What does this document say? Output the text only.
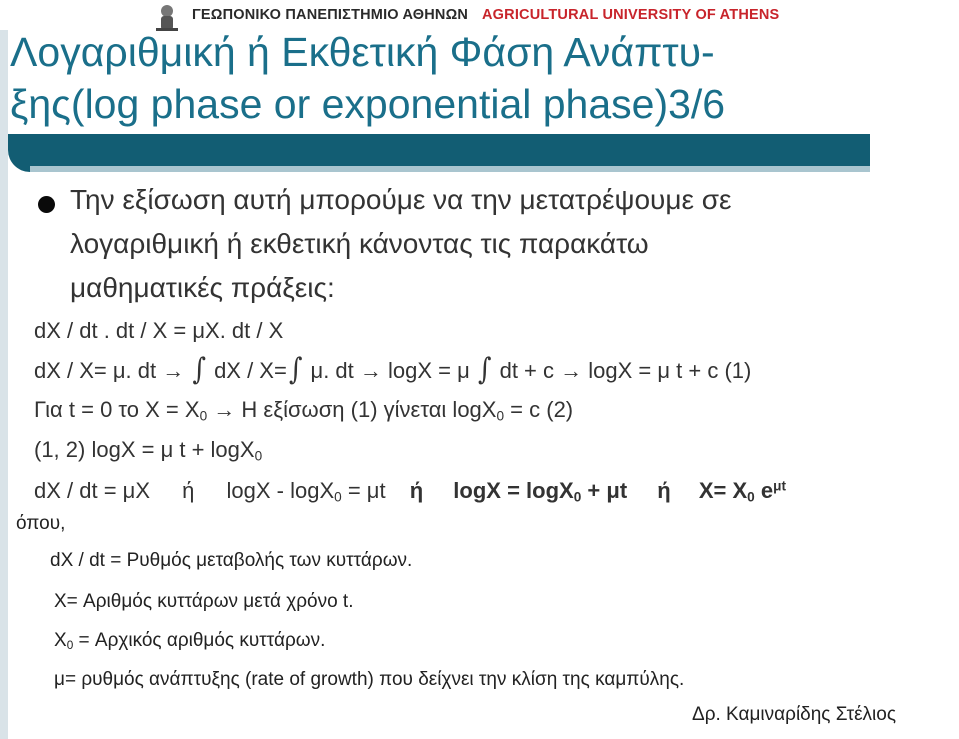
ΓΕΩΠΟΝΙΚΟ ΠΑΝΕΠΙΣΤΗΜΙΟ ΑΘΗΝΩΝ AGRICULTURAL UNIVERSITY OF ATHENS
Λογαριθμική ή Εκθετική Φάση Ανάπτυ-
ξης(log phase or exponential phase)3/6
Την εξίσωση αυτή μπορούμε να την μετατρέψουμε σε
λογαριθμική ή εκθετική κάνοντας τις παρακάτω
μαθηματικές πράξεις:
dX / dt . dt / X = μX. dt / X
dX / X= μ. dt → ∫ dX / X=∫ μ. dt → logX = μ ∫ dt + c → logX = μ t + c (1)
Για t = 0 το $X = X_0 \to H$ εξίσωση (1) γίνεται logX$_0$ = c (2)
(1, 2) logX = μ t + logX$_0$
dX / dt = μX ή logX - logX$_0$ = μt ή logX = logX$_0$ + μt ή $X= X_0$ $e^{\mu t}$
όπου,
dX / dt = Ρυθμός μεταβολής των κυττάρων.
X= Αριθμός κυττάρων μετά χρόνο t.
$X_0 = A\rho\chi\iota\kappa ό\varsigma$ αριθμός κυττάρων.
μ= ρυθμός ανάπτυξης (rate of growth) που δείχνει την κλίση της καμπύλης.
Δρ. Καμιναρίδης Στέλιος
